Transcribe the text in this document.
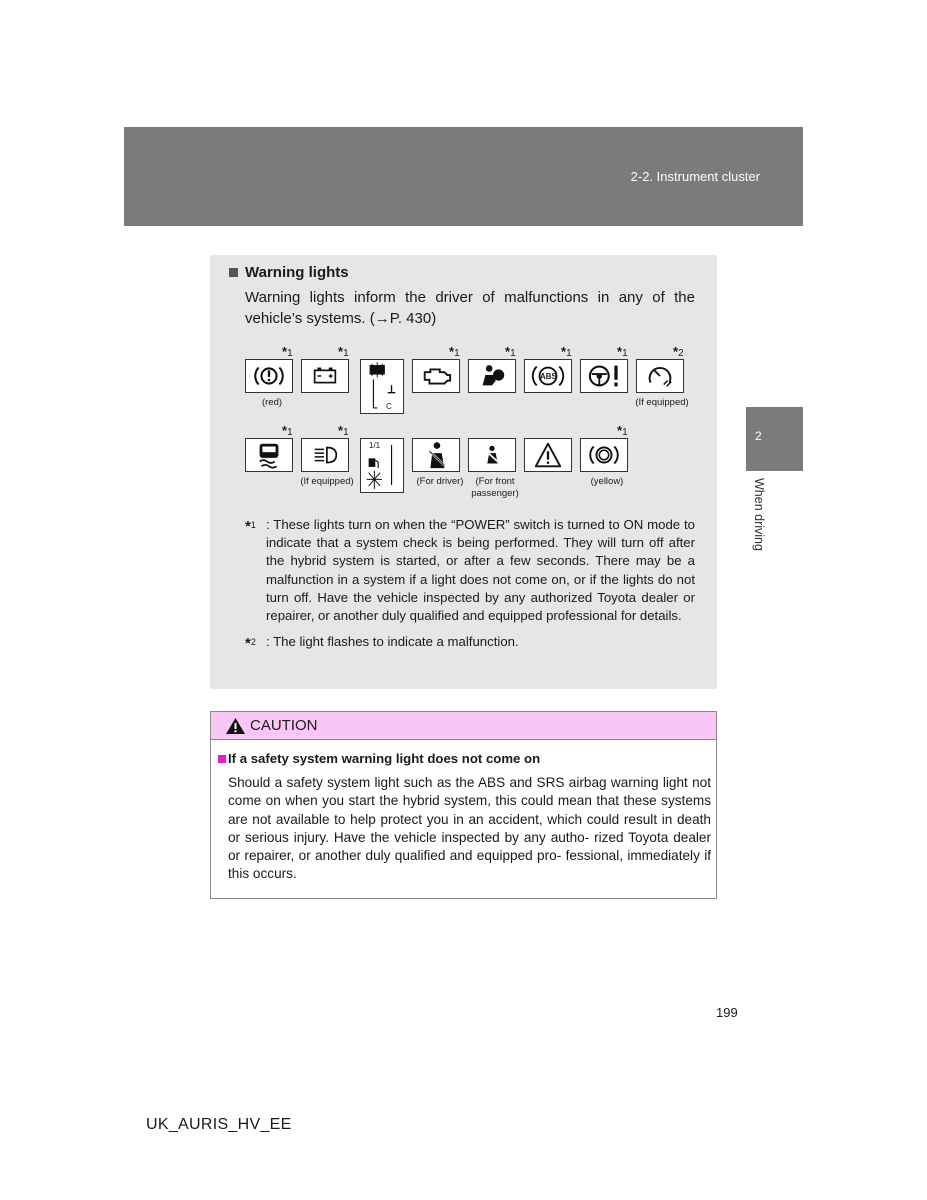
2-2. Instrument cluster
2
When driving
Warning lights
Warning lights inform the driver of malfunctions in any of the vehicle’s systems. (→P. 430)
*1	*1	*1	*1	*1	*1	*2
C
ABS
(red)	(If equipped)
*1	*1	*1
1/1
(If equipped)	(For driver)	(For front passenger)
(yellow)
*$^1$ : These lights turn on when the “POWER” switch is turned to ON mode to indicate that a system check is being performed. They will turn off after the hybrid system is started, or after a few seconds. There may be a malfunction in a system if a light does not come on, or if the lights do not turn off. Have the vehicle inspected by any authorized Toyota dealer or repairer, or another duly qualified and equipped professional for details.
*$^2$ : The light flashes to indicate a malfunction.
CAUTION
If a safety system warning light does not come on
Should a safety system light such as the ABS and SRS airbag warning light not come on when you start the hybrid system, this could mean that these systems are not available to help protect you in an accident, which could result in death or serious injury. Have the vehicle inspected by any autho- rized Toyota dealer or repairer, or another duly qualified and equipped pro- fessional, immediately if this occurs.
199
UK_AURIS_HV_EE
